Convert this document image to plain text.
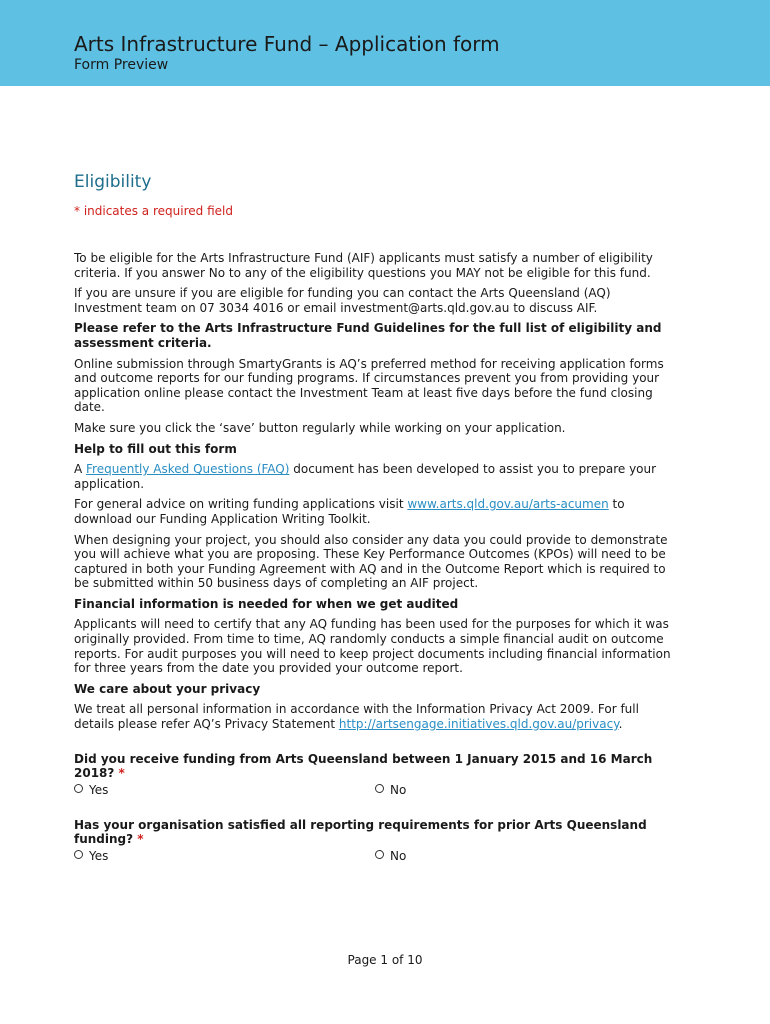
Arts Infrastructure Fund – Application form
Form Preview
Eligibility
* indicates a required field

To be eligible for the Arts Infrastructure Fund (AIF) applicants must satisfy a number of eligibility criteria. If you answer No to any of the eligibility questions you MAY not be eligible for this fund.

If you are unsure if you are eligible for funding you can contact the Arts Queensland (AQ) Investment team on 07 3034 4016 or email investment@arts.qld.gov.au to discuss AIF.

Please refer to the Arts Infrastructure Fund Guidelines for the full list of eligibility and assessment criteria.

Online submission through SmartyGrants is AQ’s preferred method for receiving application forms and outcome reports for our funding programs. If circumstances prevent you from providing your application online please contact the Investment Team at least five days before the fund closing date.

Make sure you click the ‘save’ button regularly while working on your application.

Help to fill out this form

A Frequently Asked Questions (FAQ) document has been developed to assist you to prepare your application.

For general advice on writing funding applications visit www.arts.qld.gov.au/arts-acumen to download our Funding Application Writing Toolkit.

When designing your project, you should also consider any data you could provide to demonstrate you will achieve what you are proposing. These Key Performance Outcomes (KPOs) will need to be captured in both your Funding Agreement with AQ and in the Outcome Report which is required to be submitted within 50 business days of completing an AIF project.

Financial information is needed for when we get audited

Applicants will need to certify that any AQ funding has been used for the purposes for which it was originally provided. From time to time, AQ randomly conducts a simple financial audit on outcome reports. For audit purposes you will need to keep project documents including financial information for three years from the date you provided your outcome report.

We care about your privacy

We treat all personal information in accordance with the Information Privacy Act 2009. For full details please refer AQ’s Privacy Statement http://artsengage.initiatives.qld.gov.au/privacy.

Did you receive funding from Arts Queensland between 1 January 2015 and 16 March 2018? *
Yes	No
Has your organisation satisfied all reporting requirements for prior Arts Queensland funding? *
Yes	No
Page 1 of 10
